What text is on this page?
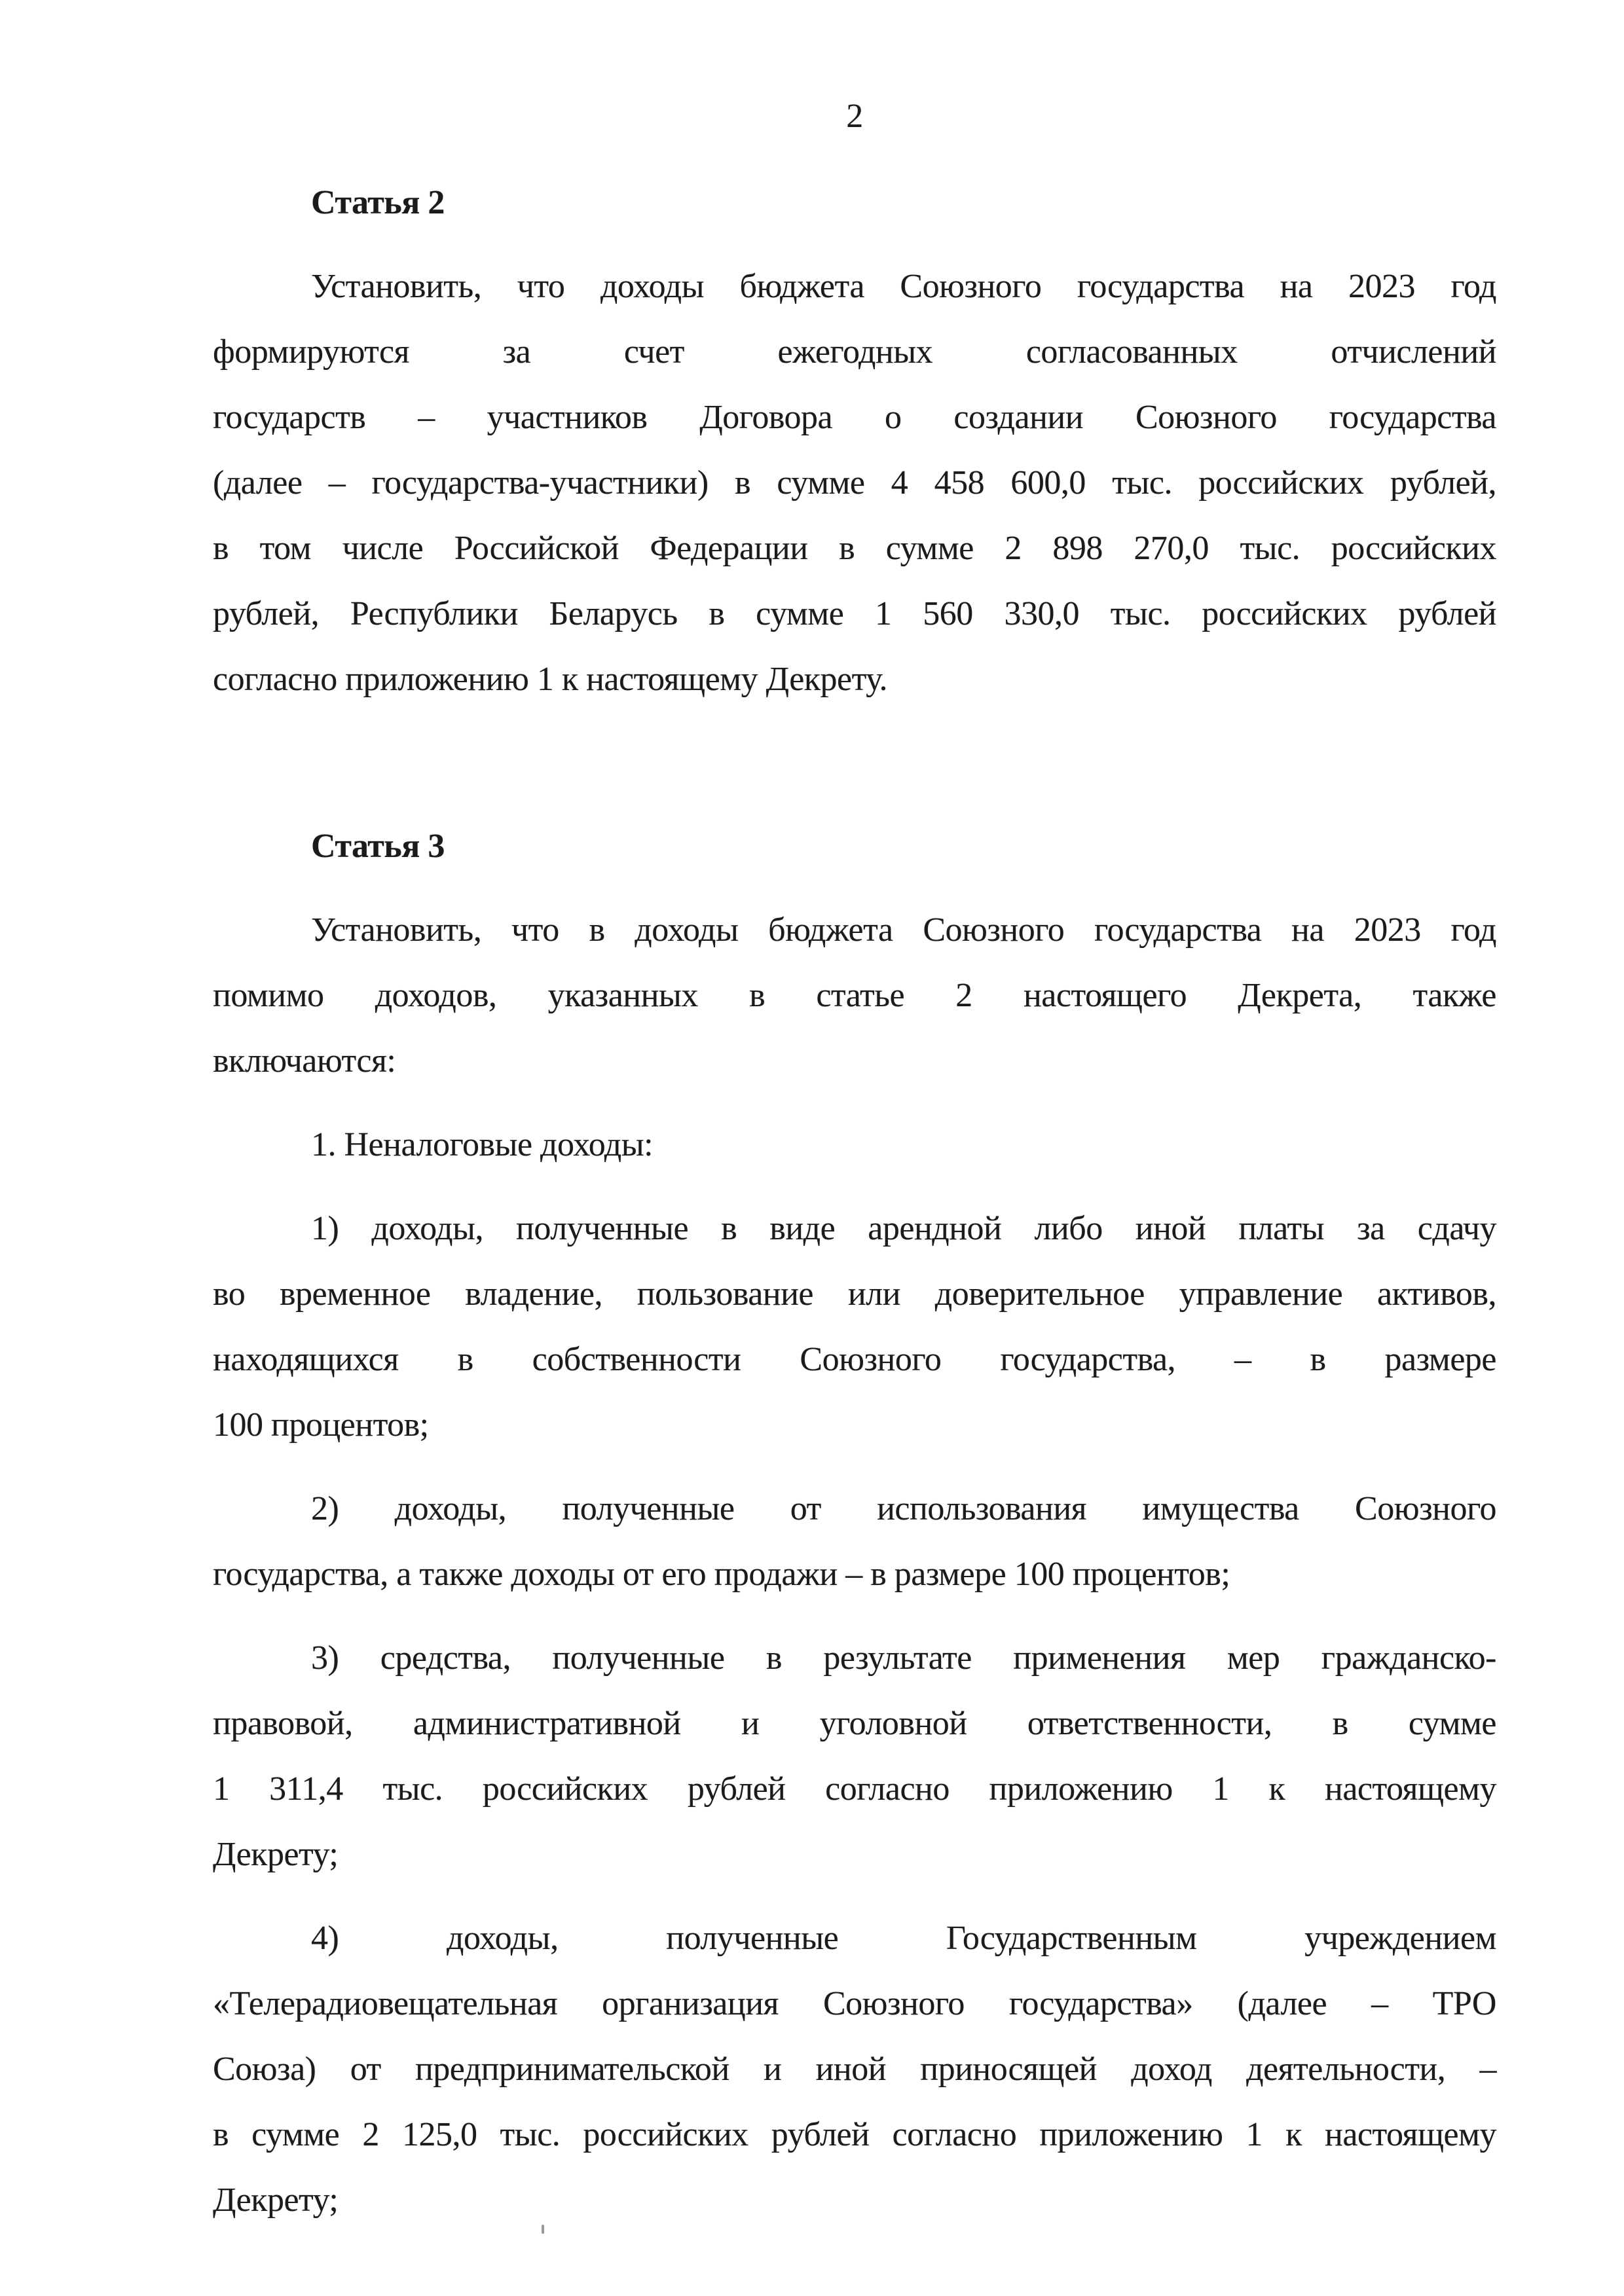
2
Статья 2
Установить, что доходы бюджета Союзного государства на 2023 год
формируются за счет ежегодных согласованных отчислений
государств – участников Договора о создании Союзного государства
(далее – государства-участники) в сумме 4 458 600,0 тыс. российских рублей,
в том числе Российской Федерации в сумме 2 898 270,0 тыс. российских
рублей, Республики Беларусь в сумме 1 560 330,0 тыс. российских рублей
согласно приложению 1 к настоящему Декрету.
Статья 3
Установить, что в доходы бюджета Союзного государства на 2023 год
помимо доходов, указанных в статье 2 настоящего Декрета, также
включаются:
1. Неналоговые доходы:
1) доходы, полученные в виде арендной либо иной платы за сдачу
во временное владение, пользование или доверительное управление активов,
находящихся в собственности Союзного государства, – в размере
100 процентов;
2) доходы, полученные от использования имущества Союзного
государства, а также доходы от его продажи – в размере 100 процентов;
3) средства, полученные в результате применения мер гражданско-
правовой, административной и уголовной ответственности, в сумме
1 311,4 тыс. российских рублей согласно приложению 1 к настоящему
Декрету;
4) доходы, полученные Государственным учреждением
«Телерадиовещательная организация Союзного государства» (далее – ТРО
Союза) от предпринимательской и иной приносящей доход деятельности, –
в сумме 2 125,0 тыс. российских рублей согласно приложению 1 к настоящему
Декрету;
